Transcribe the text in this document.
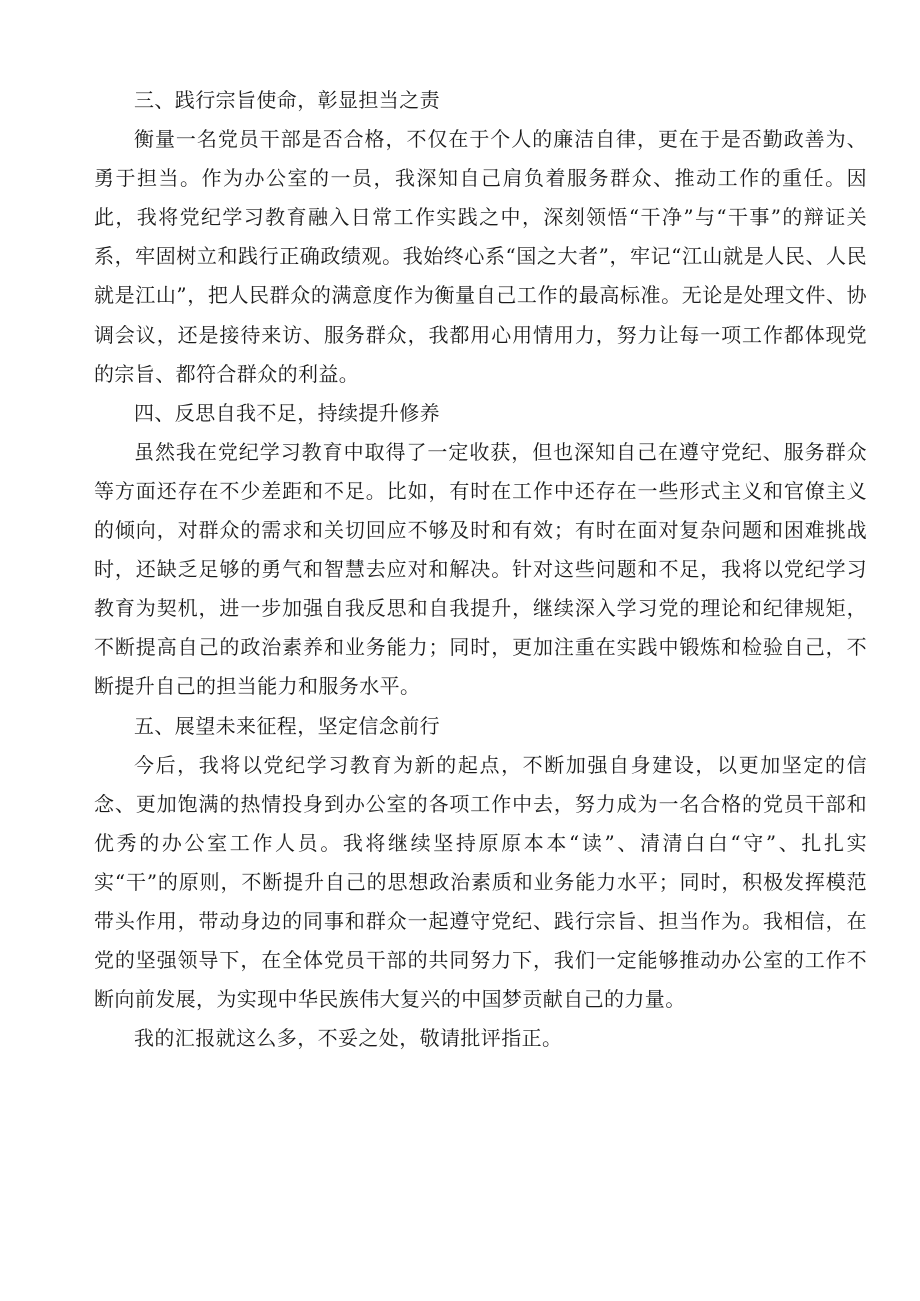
三、践行宗旨使命，彰显担当之责

衡量一名党员干部是否合格，不仅在于个人的廉洁自律，更在于是否勤政善为、勇于担当。作为办公室的一员，我深知自己肩负着服务群众、推动工作的重任。因此，我将党纪学习教育融入日常工作实践之中，深刻领悟“干净”与“干事”的辩证关系，牢固树立和践行正确政绩观。我始终心系“国之大者”，牢记“江山就是人民、人民就是江山”，把人民群众的满意度作为衡量自己工作的最高标准。无论是处理文件、协调会议，还是接待来访、服务群众，我都用心用情用力，努力让每一项工作都体现党的宗旨、都符合群众的利益。

四、反思自我不足，持续提升修养

虽然我在党纪学习教育中取得了一定收获，但也深知自己在遵守党纪、服务群众等方面还存在不少差距和不足。比如，有时在工作中还存在一些形式主义和官僚主义的倾向，对群众的需求和关切回应不够及时和有效；有时在面对复杂问题和困难挑战时，还缺乏足够的勇气和智慧去应对和解决。针对这些问题和不足，我将以党纪学习教育为契机，进一步加强自我反思和自我提升，继续深入学习党的理论和纪律规矩，不断提高自己的政治素养和业务能力；同时，更加注重在实践中锻炼和检验自己，不断提升自己的担当能力和服务水平。

五、展望未来征程，坚定信念前行

今后，我将以党纪学习教育为新的起点，不断加强自身建设，以更加坚定的信念、更加饱满的热情投身到办公室的各项工作中去，努力成为一名合格的党员干部和优秀的办公室工作人员。我将继续坚持原原本本“读”、清清白白“守”、扎扎实实“干”的原则，不断提升自己的思想政治素质和业务能力水平；同时，积极发挥模范带头作用，带动身边的同事和群众一起遵守党纪、践行宗旨、担当作为。我相信，在党的坚强领导下，在全体党员干部的共同努力下，我们一定能够推动办公室的工作不断向前发展，为实现中华民族伟大复兴的中国梦贡献自己的力量。

我的汇报就这么多，不妥之处，敬请批评指正。
